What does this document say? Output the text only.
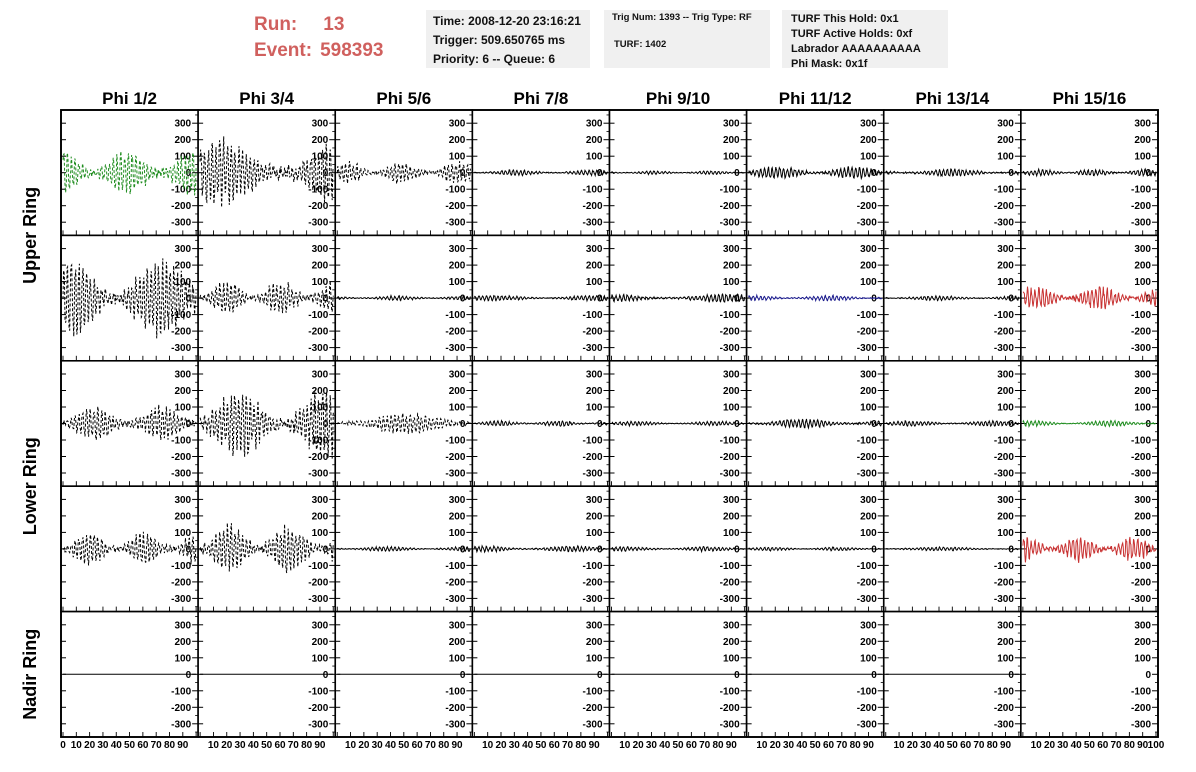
Run: 13
Event: 598393
Time: 2008-12-20 23:16:21
Trigger: 509.650765 ms
Priority: 6 -- Queue: 6
Trig Num: 1393 -- Trig Type: RF
TURF: 1402
TURF This Hold: 0x1
TURF Active Holds: 0xf
Labrador AAAAAAAAAA
Phi Mask: 0x1f
Phi 1/2	Phi 3/4	Phi 5/6	Phi 7/8	Phi 9/10	Phi 11/12	Phi 13/14	Phi 15/16
Upper Ring
Lower Ring
Nadir Ring
-300
-200
-100
0
100
200
300
-300
-200
-100
0
100
200
300
-300
-200
-100
0
100
200
300
-300
-200
-100
0
100
200
300
-300
-200
-100
0
100
200
300
-300
-200
-100
0
100
200
300
-300
-200
-100
0
100
200
300
-300
-200
-100
0
100
200
300
-300
-200
-100
0
100
200
300
-300
-200
-100
0
100
200
300
-300
-200
-100
0
100
200
300
-300
-200
-100
0
100
200
300
-300
-200
-100
0
100
200
300
-300
-200
-100
0
100
200
300
-300
-200
-100
0
100
200
300
-300
-200
-100
0
100
200
300
-300
-200
-100
0
100
200
300
-300
-200
-100
0
100
200
300
-300
-200
-100
0
100
200
300
-300
-200
-100
0
100
200
300
-300
-200
-100
0
100
200
300
-300
-200
-100
0
100
200
300
-300
-200
-100
0
100
200
300
-300
-200
-100
0
100
200
300
-300
-200
-100
0
100
200
300
-300
-200
-100
0
100
200
300
-300
-200
-100
0
100
200
300
-300
-200
-100
0
100
200
300
-300
-200
-100
0
100
200
300
-300
-200
-100
0
100
200
300
-300
-200
-100
0
100
200
300
-300
-200
-100
0
100
200
300
-300
-200
-100
0
100
200
300
-300
-200
-100
0
100
200
300
-300
-200
-100
0
100
200
300
-300
-200
-100
0
100
200
300
-300
-200
-100
0
100
200
300
-300
-200
-100
0
100
200
300
-300
-200
-100
0
100
200
300
-300
-200
-100
0
100
200
300
0 10 20 30 40 50 60 70 80 90 10 20 30 40 50 60 70 80 90 10 20 30 40 50 60 70 80 90 10 20 30 40 50 60 70 80 90 10 20 30 40 50 60 70 80 90 10 20 30 40 50 60 70 80 90 10 20 30 40 50 60 70 80 90 10 20 30 40 50 60 70 80 90 100
